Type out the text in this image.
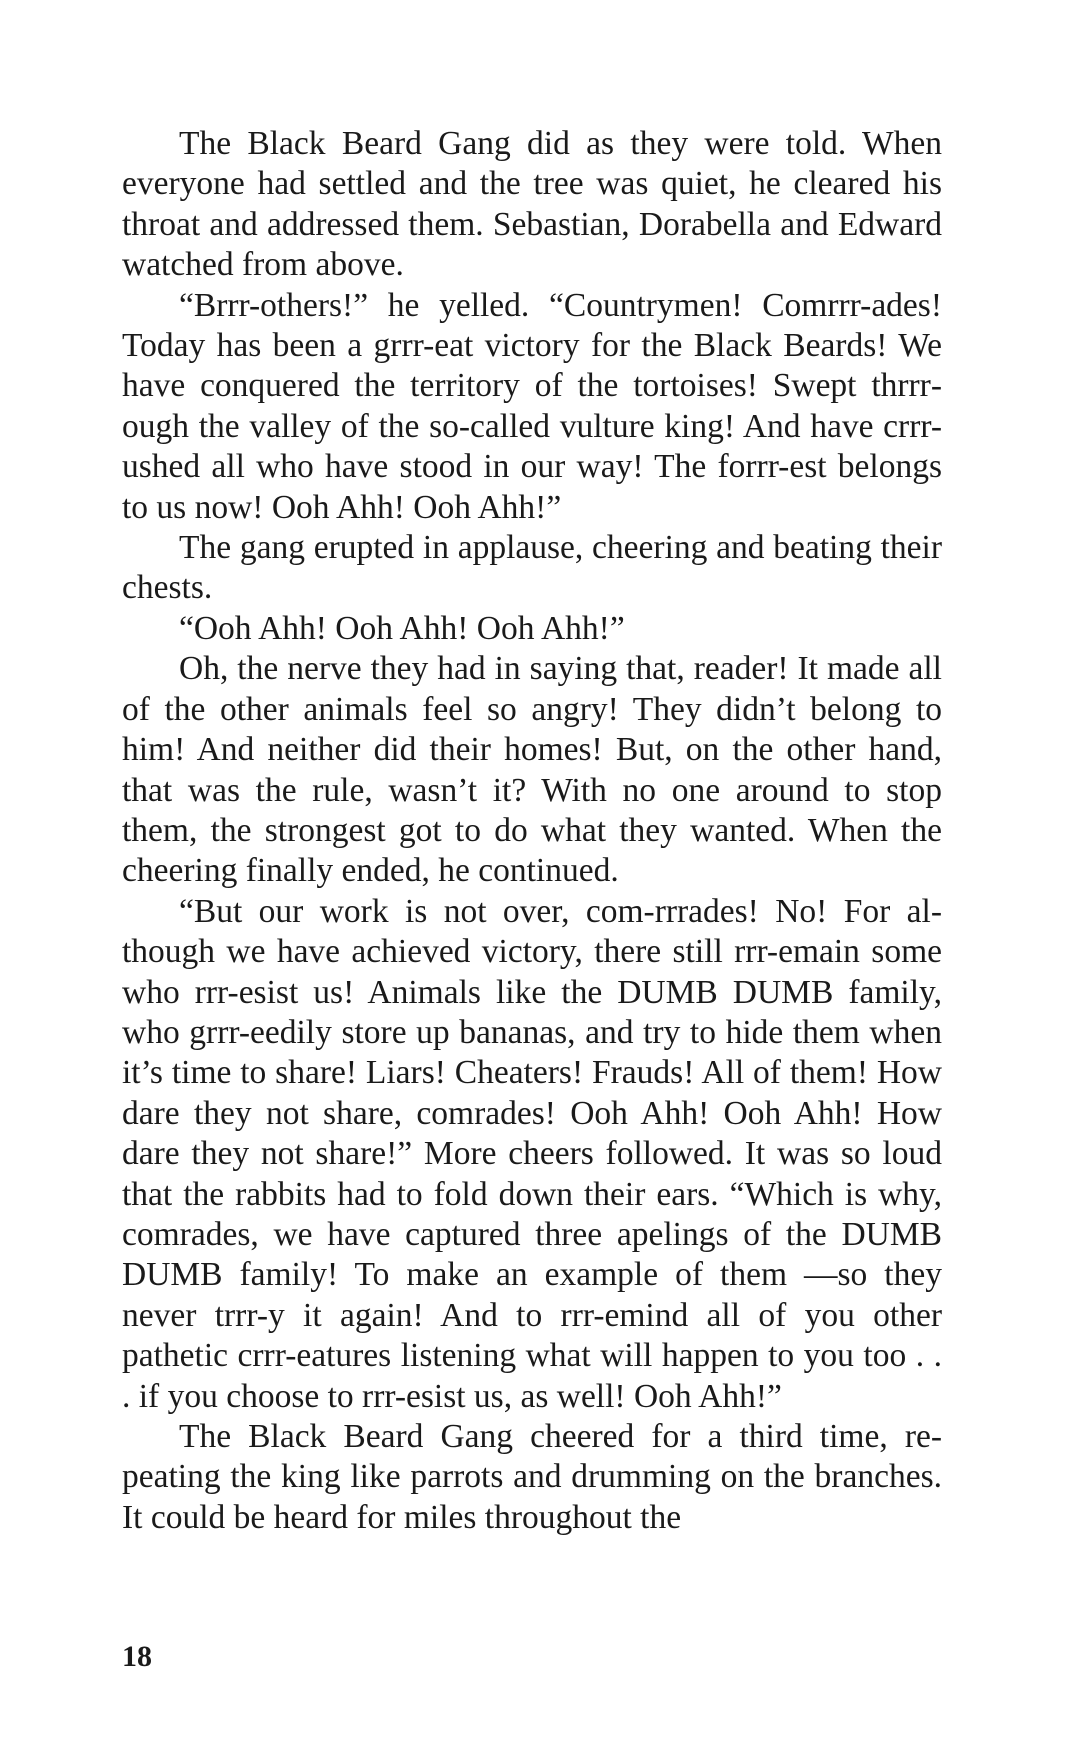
The Black Beard Gang did as they were told. When everyone had settled and the tree was quiet, he cleared his throat and addressed them. Sebastian, Dorabella and Edward watched from above.

“Brrr-others!” he yelled. “Countrymen! Comrrr-ades! Today has been a grrr-eat victory for the Black Beards! We have conquered the territory of the tortoises! Swept thrrrough the valley of the so-called vulture king! And have crrr-ushed all who have stood in our way! The forrr-est belongs to us now! Ooh Ahh! Ooh Ahh!”

The gang erupted in applause, cheering and beating their chests.

“Ooh Ahh! Ooh Ahh! Ooh Ahh!”

Oh, the nerve they had in saying that, reader! It made all of the other animals feel so angry! They didn’t belong to him! And neither did their homes! But, on the other hand, that was the rule, wasn’t it? With no one around to stop them, the strongest got to do what they wanted. When the cheering finally ended, he continued.

“But our work is not over, com-rrrades! No! For although we have achieved victory, there still rrr-emain some who rrr-esist us! Animals like the DUMB DUMB family, who grrr-eedily store up bananas, and try to hide them when it’s time to share! Liars! Cheaters! Frauds! All of them! How dare they not share, comrades! Ooh Ahh! Ooh Ahh! How dare they not share!” More cheers followed. It was so loud that the rabbits had to fold down their ears. “Which is why, comrades, we have captured three apelings of the DUMB DUMB family! To make an example of them —so they never trrr-y it again! And to rrr-emind all of you other pathetic crrr-eatures listening what will happen to you too . . . if you choose to rrr-esist us, as well! Ooh Ahh!”

The Black Beard Gang cheered for a third time, repeating the king like parrots and drumming on the branches. It could be heard for miles throughout the

18
